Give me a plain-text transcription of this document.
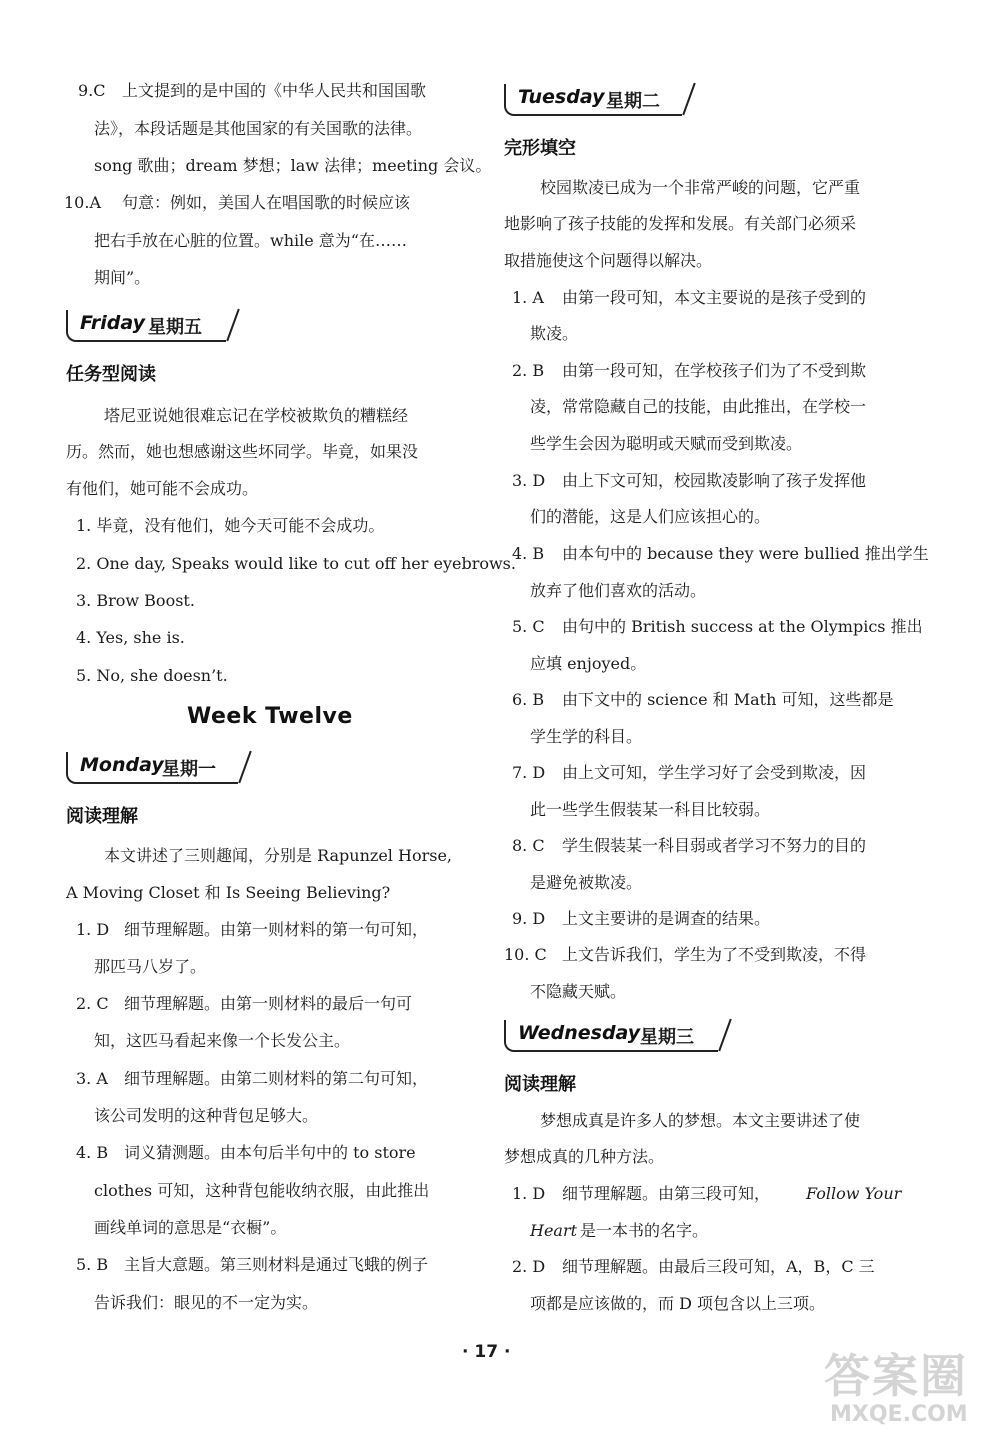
9.C 上文提到的是中国的《中华人民共和国国歌
法》，本段话题是其他国家的有关国歌的法律。
song 歌曲；dream 梦想；law 法律；meeting 会议。
10.A 句意：例如，美国人在唱国歌的时候应该
把右手放在心脏的位置。while 意为“在……
期间”。
Friday 星期五
任务型阅读
塔尼亚说她很难忘记在学校被欺负的糟糕经
历。然而，她也想感谢这些坏同学。毕竟，如果没
有他们，她可能不会成功。
1. 毕竟，没有他们，她今天可能不会成功。
2. One day, Speaks would like to cut off her eyebrows.
3. Brow Boost.
4. Yes, she is.
5. No, she doesn’t.
Week Twelve
Monday
星期一
阅读理解
本文讲述了三则趣闻，分别是 Rapunzel Horse,
A Moving Closet 和 Is Seeing Believing?
1. D 细节理解题。由第一则材料的第一句可知，
那匹马八岁了。
2. C 细节理解题。由第一则材料的最后一句可
知，这匹马看起来像一个长发公主。
3. A 细节理解题。由第二则材料的第二句可知，
该公司发明的这种背包足够大。
4. B 词义猜测题。由本句后半句中的 to store
clothes 可知，这种背包能收纳衣服，由此推出
画线单词的意思是“衣橱”。
5. B 主旨大意题。第三则材料是通过飞蛾的例子
告诉我们：眼见的不一定为实。
Tuesday 星期二
完形填空
校园欺凌已成为一个非常严峻的问题，它严重
地影响了孩子技能的发挥和发展。有关部门必须采
取措施使这个问题得以解决。
1. A 由第一段可知，本文主要说的是孩子受到的
欺凌。
2. B 由第一段可知，在学校孩子们为了不受到欺
凌，常常隐藏自己的技能，由此推出，在学校一
些学生会因为聪明或天赋而受到欺凌。
3. D 由上下文可知，校园欺凌影响了孩子发挥他
们的潜能，这是人们应该担心的。
4. B 由本句中的 because they were bullied 推出学生
放弃了他们喜欢的活动。
5. C 由句中的 British success at the Olympics 推出
应填 enjoyed。
6. B 由下文中的 science 和 Math 可知，这些都是
学生学的科目。
7. D 由上文可知，学生学习好了会受到欺凌，因
此一些学生假装某一科目比较弱。
8. C 学生假装某一科目弱或者学习不努力的目的
是避免被欺凌。
9. D 上文主要讲的是调查的结果。
10. C 上文告诉我们，学生为了不受到欺凌，不得
不隐藏天赋。
Wednesday 星期三
阅读理解
梦想成真是许多人的梦想。本文主要讲述了使
梦想成真的几种方法。
1. D 细节理解题。由第三段可知， Follow Your
Heart 是一本书的名字。
2. D 细节理解题。由最后三段可知，A，B，C 三
项都是应该做的，而 D 项包含以上三项。
· 17 ·	答案圈
MXQE.COM
